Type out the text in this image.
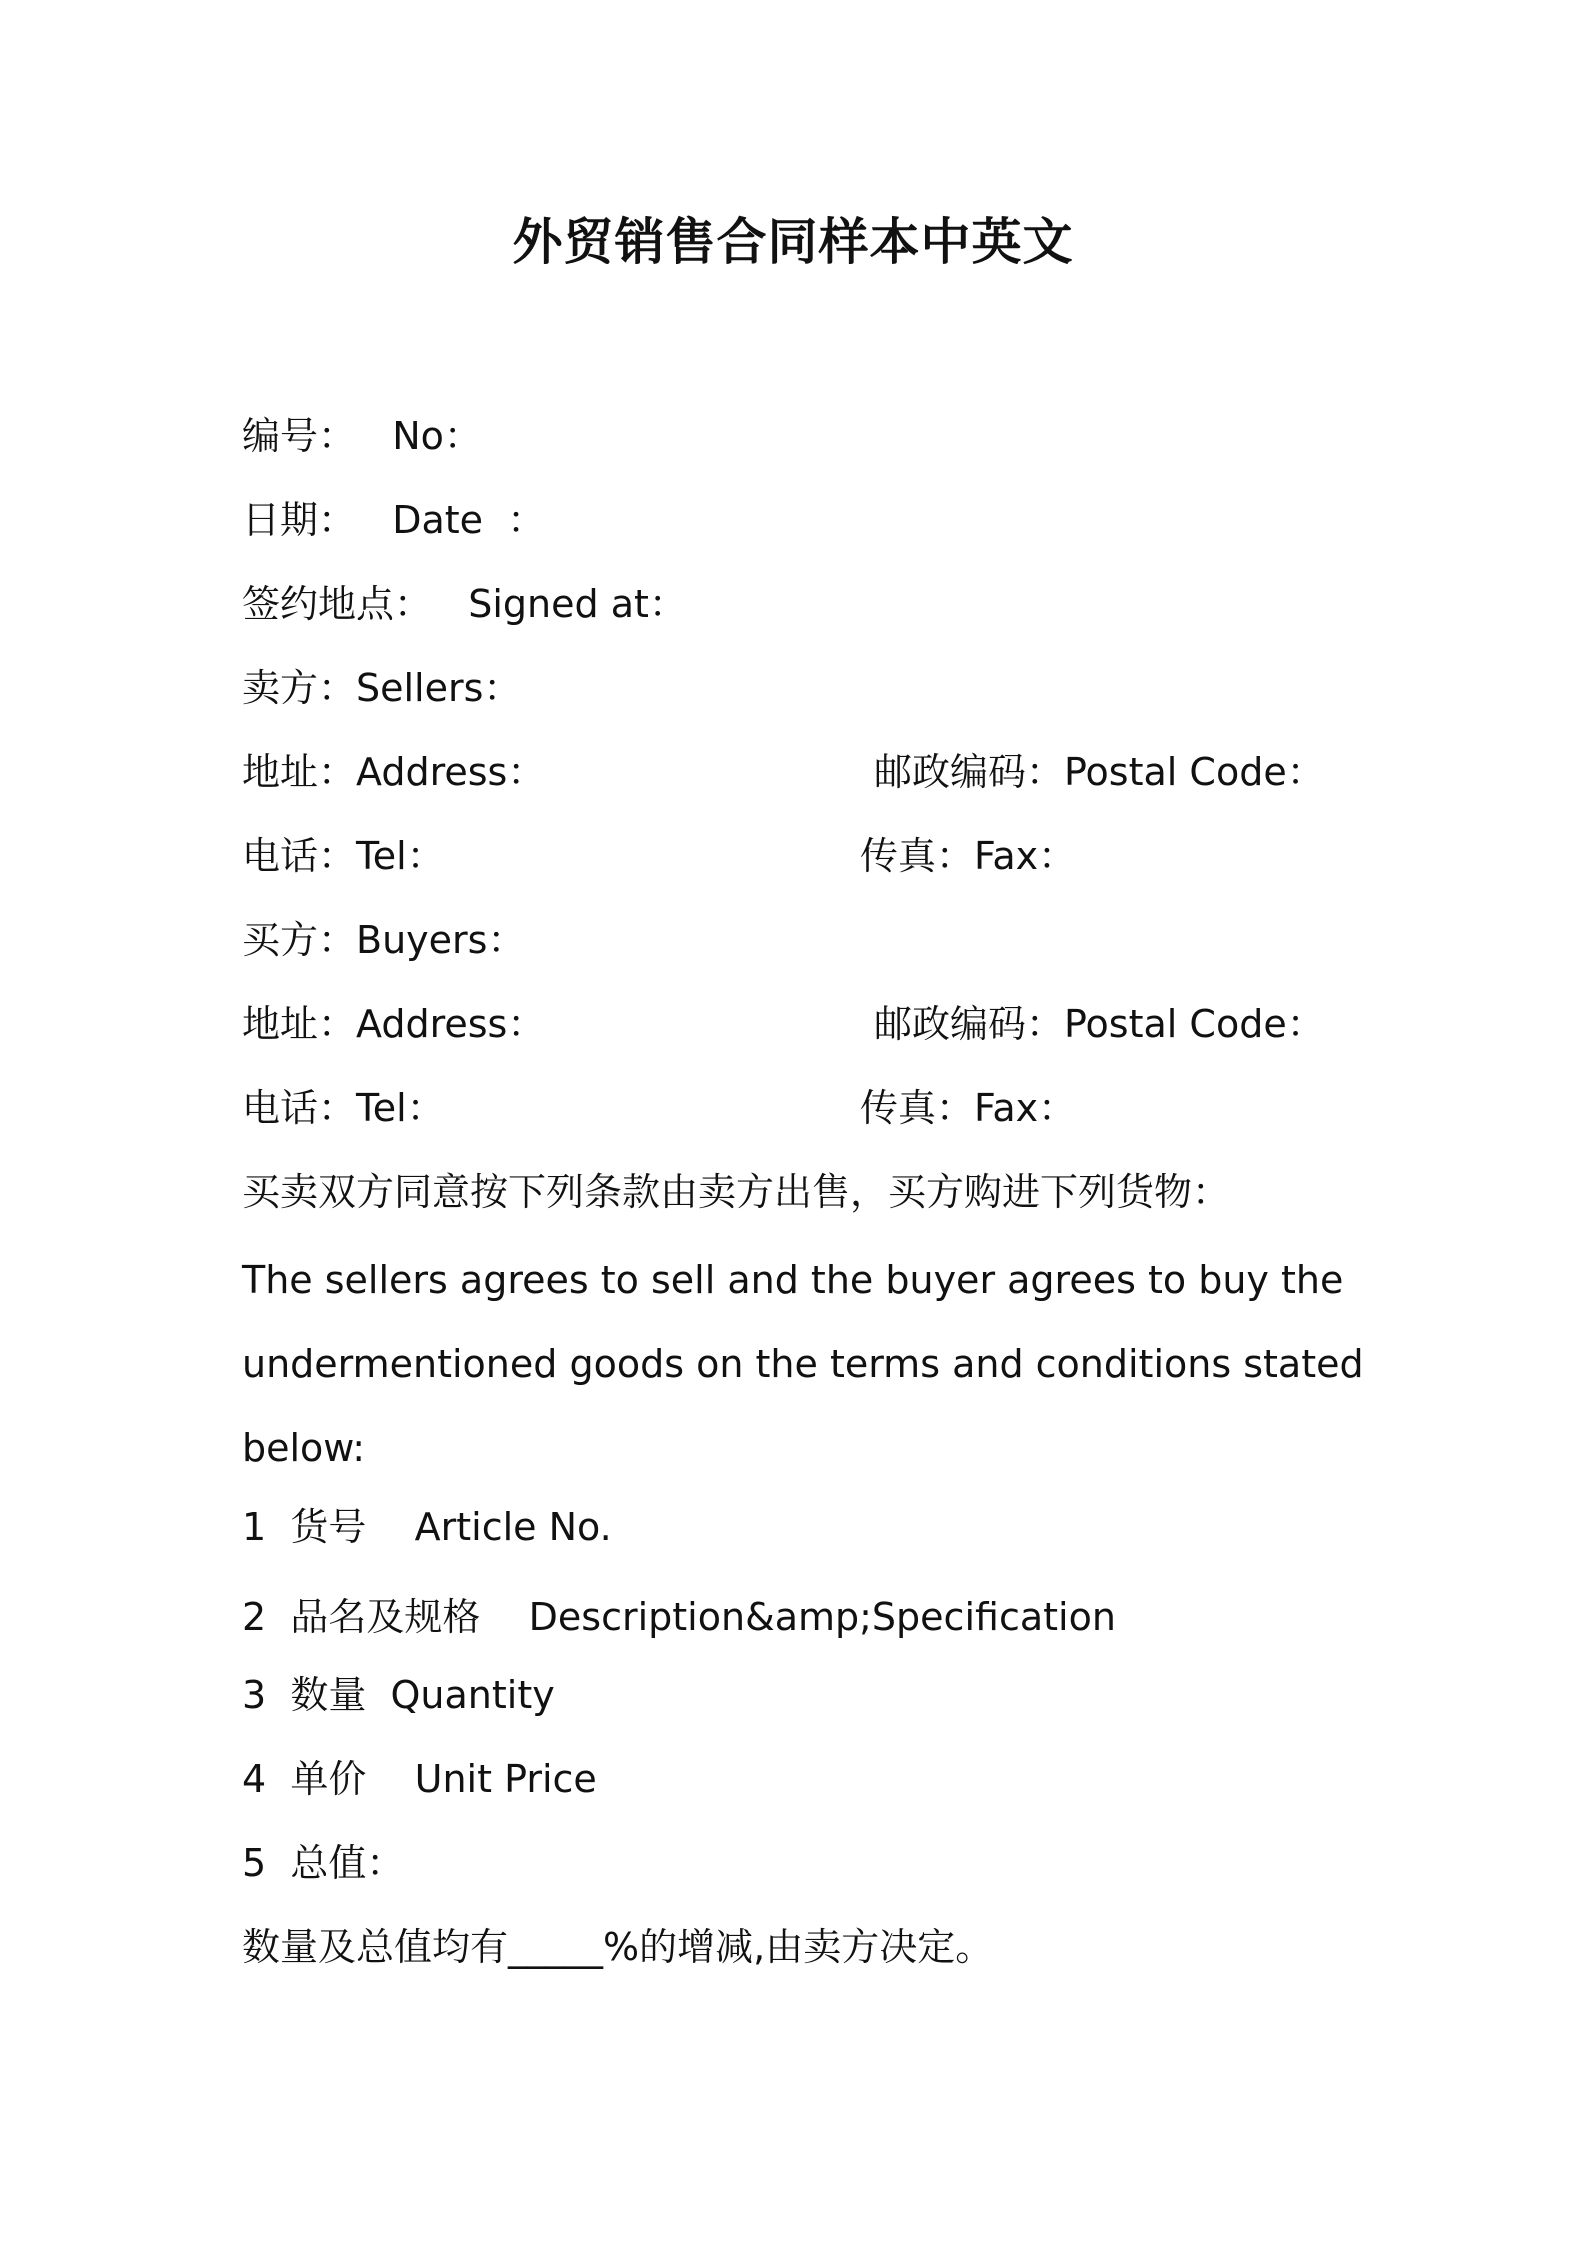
外贸销售合同样本中英文
编号：   No：
日期：   Date  ：
签约地点：   Signed at：
卖方：Sellers：
地址：Address：	邮政编码：Postal Code：
电话：Tel：	传真：Fax：
买方：Buyers：
地址：Address：	邮政编码：Postal Code：
电话：Tel：	传真：Fax：
买卖双方同意按下列条款由卖方出售，买方购进下列货物：
The sellers agrees to sell and the buyer agrees to buy the
undermentioned goods on the terms and conditions stated
below:
1  货号    Article No.
2  品名及规格    Description&amp;Specification
3  数量  Quantity
4  单价    Unit Price
5  总值：
数量及总值均有_____%的增减,由卖方决定。
